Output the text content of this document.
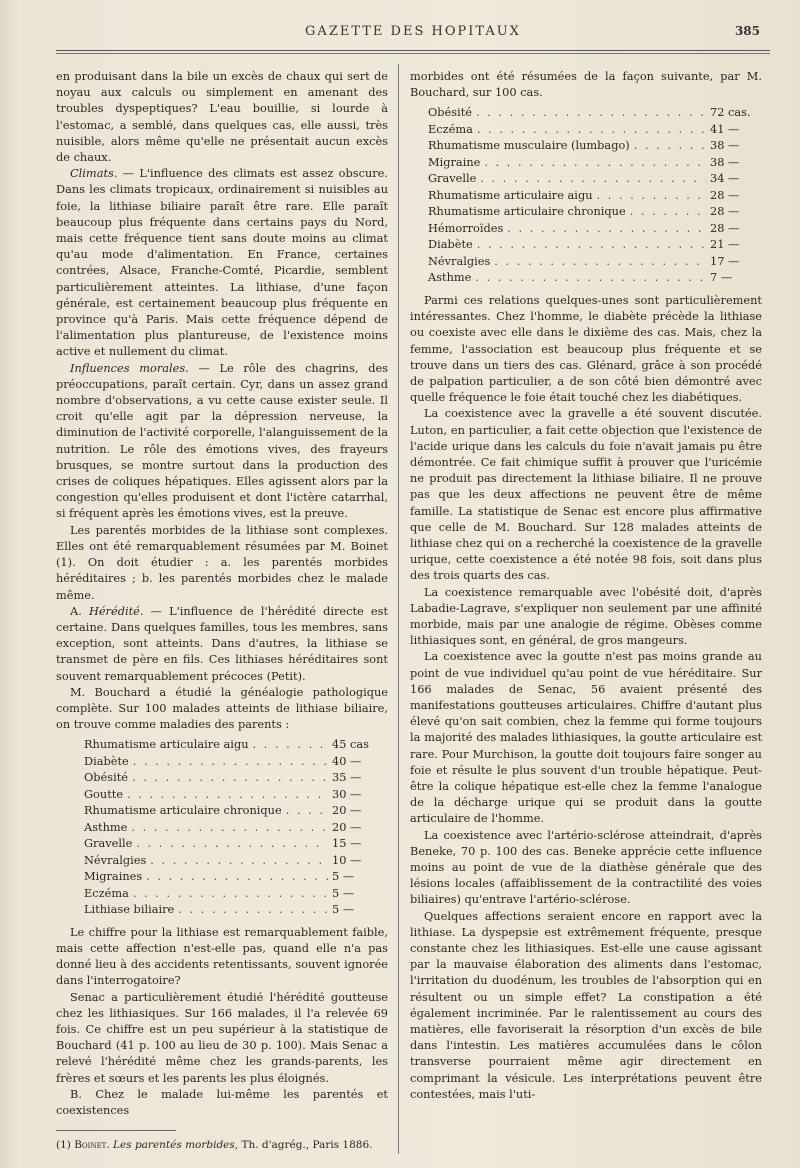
GAZETTE DES HOPITAUX	385

en produisant dans la bile un excès de chaux qui sert de noyau aux calculs ou simplement en amenant des troubles dyspeptiques? L'eau bouillie, si lourde à l'estomac, a semblé, dans quelques cas, elle aussi, très nuisible, alors même qu'elle ne présentait aucun excès de chaux.

Climats. — L'influence des climats est assez obscure. Dans les climats tropicaux, ordinairement si nuisibles au foie, la lithiase biliaire paraît être rare. Elle paraît beaucoup plus fréquente dans certains pays du Nord, mais cette fréquence tient sans doute moins au climat qu'au mode d'alimentation. En France, certaines contrées, Alsace, Franche-Comté, Picardie, semblent particulièrement atteintes. La lithiase, d'une façon générale, est certainement beaucoup plus fréquente en province qu'à Paris. Mais cette fréquence dépend de l'alimentation plus plantureuse, de l'existence moins active et nullement du climat.

Influences morales. — Le rôle des chagrins, des préoccupations, paraît certain. Cyr, dans un assez grand nombre d'observations, a vu cette cause exister seule. Il croit qu'elle agit par la dépression nerveuse, la diminution de l'activité corporelle, l'alanguissement de la nutrition. Le rôle des émotions vives, des frayeurs brusques, se montre surtout dans la production des crises de coliques hépatiques. Elles agissent alors par la congestion qu'elles produisent et dont l'ictère catarrhal, si fréquent après les émotions vives, est la preuve.

Les parentés morbides de la lithiase sont complexes. Elles ont été remarquablement résumées par M. Boinet (1). On doit étudier : a. les parentés morbides héréditaires ; b. les parentés morbides chez le malade même.

A. Hérédité. — L'influence de l'hérédité directe est certaine. Dans quelques familles, tous les membres, sans exception, sont atteints. Dans d'autres, la lithiase se transmet de père en fils. Ces lithiases héréditaires sont souvent remarquablement précoces (Petit).

M. Bouchard a étudié la généalogie pathologique complète. Sur 100 malades atteints de lithiase biliaire, on trouve comme maladies des parents :

Rhumatisme articulaire aigu . . .	45 cas
Diabète . . .	40 —
Obésité . . .	35 —
Goutte . . .	30 —
Rhumatisme articulaire chronique . . .	20 —
Asthme . . .	20 —
Gravelle . . .	15 —
Névralgies . . .	10 —
Migraines . . .	5 —
Eczéma . . .	5 —
Lithiase biliaire . . .	5 —

Le chiffre pour la lithiase est remarquablement faible, mais cette affection n'est-elle pas, quand elle n'a pas donné lieu à des accidents retentissants, souvent ignorée dans l'interrogatoire?

Senac a particulièrement étudié l'hérédité goutteuse chez les lithiasiques. Sur 166 malades, il l'a relevée 69 fois. Ce chiffre est un peu supérieur à la statistique de Bouchard (41 p. 100 au lieu de 30 p. 100). Mais Senac a relevé l'hérédité même chez les grands-parents, les frères et sœurs et les parents les plus éloignés.

B. Chez le malade lui-même les parentés et coexistences

(1) Boinet. Les parentés morbides, Th. d'agrég., Paris 1886.

morbides ont été résumées de la façon suivante, par M. Bouchard, sur 100 cas.

Obésité . . .	72 cas.
Eczéma . . .	41 —
Rhumatisme musculaire (lumbago) . . .	38 —
Migraine . . .	38 —
Gravelle . . .	34 —
Rhumatisme articulaire aigu . . .	28 —
Rhumatisme articulaire chronique . . .	28 —
Hémorroïdes . . .	28 —
Diabète . . .	21 —
Névralgies . . .	17 —
Asthme . . .	7 —

Parmi ces relations quelques-unes sont particulièrement intéressantes. Chez l'homme, le diabète précède la lithiase ou coexiste avec elle dans le dixième des cas. Mais, chez la femme, l'association est beaucoup plus fréquente et se trouve dans un tiers des cas. Glénard, grâce à son procédé de palpation particulier, a de son côté bien démontré avec quelle fréquence le foie était touché chez les diabétiques.

La coexistence avec la gravelle a été souvent discutée. Luton, en particulier, a fait cette objection que l'existence de l'acide urique dans les calculs du foie n'avait jamais pu être démontrée. Ce fait chimique suffit à prouver que l'uricémie ne produit pas directement la lithiase biliaire. Il ne prouve pas que les deux affections ne peuvent être de même famille. La statistique de Senac est encore plus affirmative que celle de M. Bouchard. Sur 128 malades atteints de lithiase chez qui on a recherché la coexistence de la gravelle urique, cette coexistence a été notée 98 fois, soit dans plus des trois quarts des cas.

La coexistence remarquable avec l'obésité doit, d'après Labadie-Lagrave, s'expliquer non seulement par une affinité morbide, mais par une analogie de régime. Obèses comme lithiasiques sont, en général, de gros mangeurs.

La coexistence avec la goutte n'est pas moins grande au point de vue individuel qu'au point de vue héréditaire. Sur 166 malades de Senac, 56 avaient présenté des manifestations goutteuses articulaires. Chiffre d'autant plus élevé qu'on sait combien, chez la femme qui forme toujours la majorité des malades lithiasiques, la goutte articulaire est rare. Pour Murchison, la goutte doit toujours faire songer au foie et résulte le plus souvent d'un trouble hépatique. Peut-être la colique hépatique est-elle chez la femme l'analogue de la décharge urique qui se produit dans la goutte articulaire de l'homme.

La coexistence avec l'artério-sclérose atteindrait, d'après Beneke, 70 p. 100 des cas. Beneke apprécie cette influence moins au point de vue de la diathèse générale que des lésions locales (affaiblissement de la contractilité des voies biliaires) qu'entrave l'artério-sclérose.

Quelques affections seraient encore en rapport avec la lithiase. La dyspepsie est extrêmement fréquente, presque constante chez les lithiasiques. Est-elle une cause agissant par la mauvaise élaboration des aliments dans l'estomac, l'irritation du duodénum, les troubles de l'absorption qui en résultent ou un simple effet? La constipation a été également incriminée. Par le ralentissement au cours des matières, elle favoriserait la résorption d'un excès de bile dans l'intestin. Les matières accumulées dans le côlon transverse pourraient même agir directement en comprimant la vésicule. Les interprétations peuvent être contestées, mais l'uti-
